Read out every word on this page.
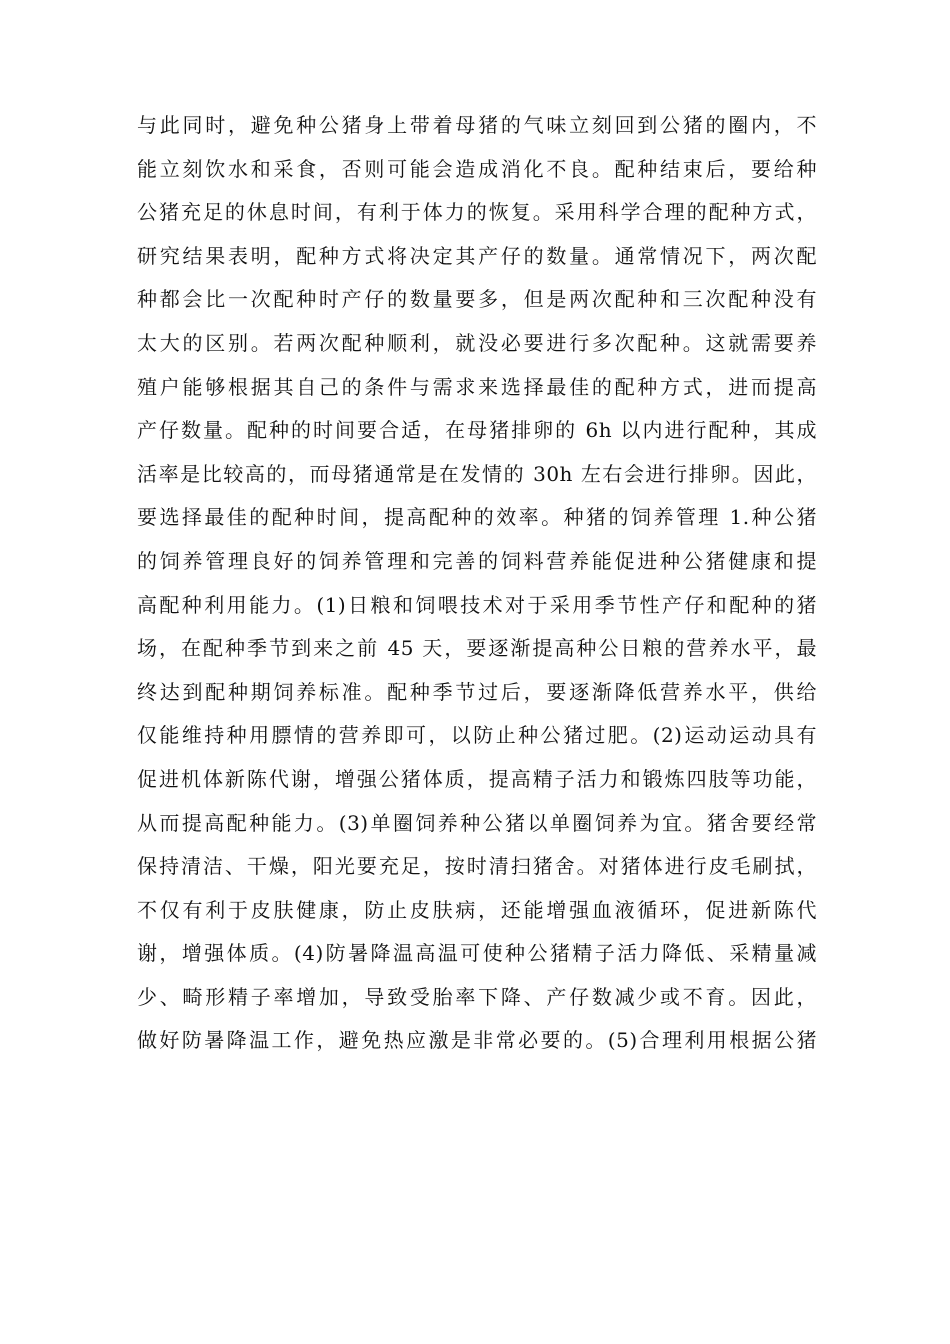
与此同时，避免种公猪身上带着母猪的气味立刻回到公猪的圈内，不
能立刻饮水和采食，否则可能会造成消化不良。配种结束后，要给种
公猪充足的休息时间，有利于体力的恢复。采用科学合理的配种方式，
研究结果表明，配种方式将决定其产仔的数量。通常情况下，两次配
种都会比一次配种时产仔的数量要多，但是两次配种和三次配种没有
太大的区别。若两次配种顺利，就没必要进行多次配种。这就需要养
殖户能够根据其自己的条件与需求来选择最佳的配种方式，进而提高
产仔数量。配种的时间要合适，在母猪排卵的 6h 以内进行配种，其成
活率是比较高的，而母猪通常是在发情的 30h 左右会进行排卵。因此，
要选择最佳的配种时间，提高配种的效率。种猪的饲养管理 1.种公猪
的饲养管理良好的饲养管理和完善的饲料营养能促进种公猪健康和提
高配种利用能力。(1)日粮和饲喂技术对于采用季节性产仔和配种的猪
场，在配种季节到来之前 45 天，要逐渐提高种公日粮的营养水平，最
终达到配种期饲养标准。配种季节过后，要逐渐降低营养水平，供给
仅能维持种用膘情的营养即可，以防止种公猪过肥。(2)运动运动具有
促进机体新陈代谢，增强公猪体质，提高精子活力和锻炼四肢等功能，
从而提高配种能力。(3)单圈饲养种公猪以单圈饲养为宜。猪舍要经常
保持清洁、干燥，阳光要充足，按时清扫猪舍。对猪体进行皮毛刷拭，
不仅有利于皮肤健康，防止皮肤病，还能增强血液循环，促进新陈代
谢，增强体质。(4)防暑降温高温可使种公猪精子活力降低、采精量减
少、畸形精子率增加，导致受胎率下降、产仔数减少或不育。因此，
做好防暑降温工作，避免热应激是非常必要的。(5)合理利用根据公猪
